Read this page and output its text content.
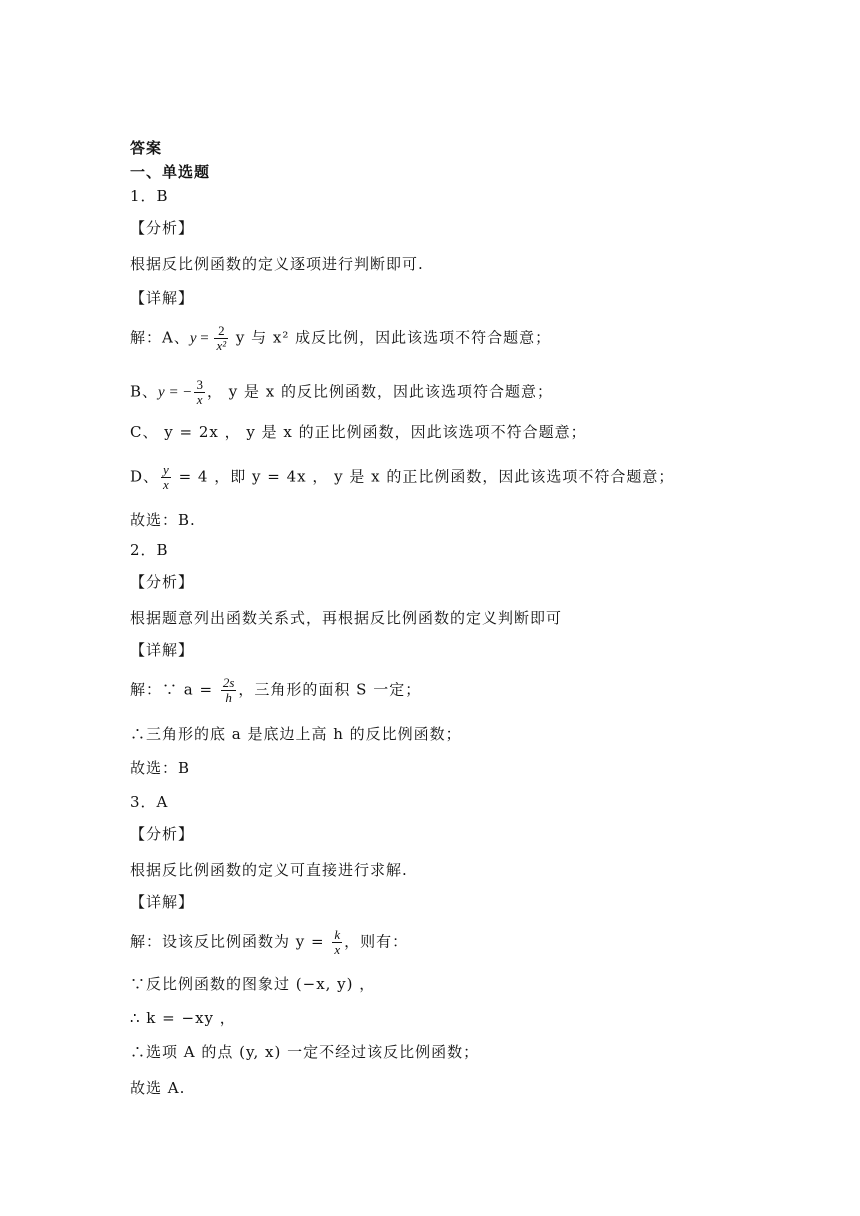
答案
一、单选题
1．B
【分析】
根据反比例函数的定义逐项进行判断即可.
【详解】
解：A、$y = \frac{2}{\text{x²}}$ y 与 x² 成反比例，因此该选项不符合题意；
B、y = − $\frac{3}{x}$ ， y 是 x 的反比例函数，因此该选项符合题意；
C、 y = 2x ， y 是 x 的正比例函数，因此该选项不符合题意；
D、 $\frac{y}{x} = 4$ ，即 y = 4x ， y 是 x 的正比例函数，因此该选项不符合题意；
故选：B.
2．B
【分析】
根据题意列出函数关系式，再根据反比例函数的定义判断即可
【详解】
解：∵ $a = \frac{2s}{h}$ ，三角形的面积 S 一定；
∴三角形的底 a 是底边上高 h 的反比例函数；
故选：B
3．A
【分析】
根据反比例函数的定义可直接进行求解.
【详解】
解：设该反比例函数为 $y = \frac{k}{x}$ ，则有：
∵反比例函数的图象过 (−x, y) ，
∴ k = −xy ，
∴选项 A 的点 (y, x) 一定不经过该反比例函数；
故选 A.
